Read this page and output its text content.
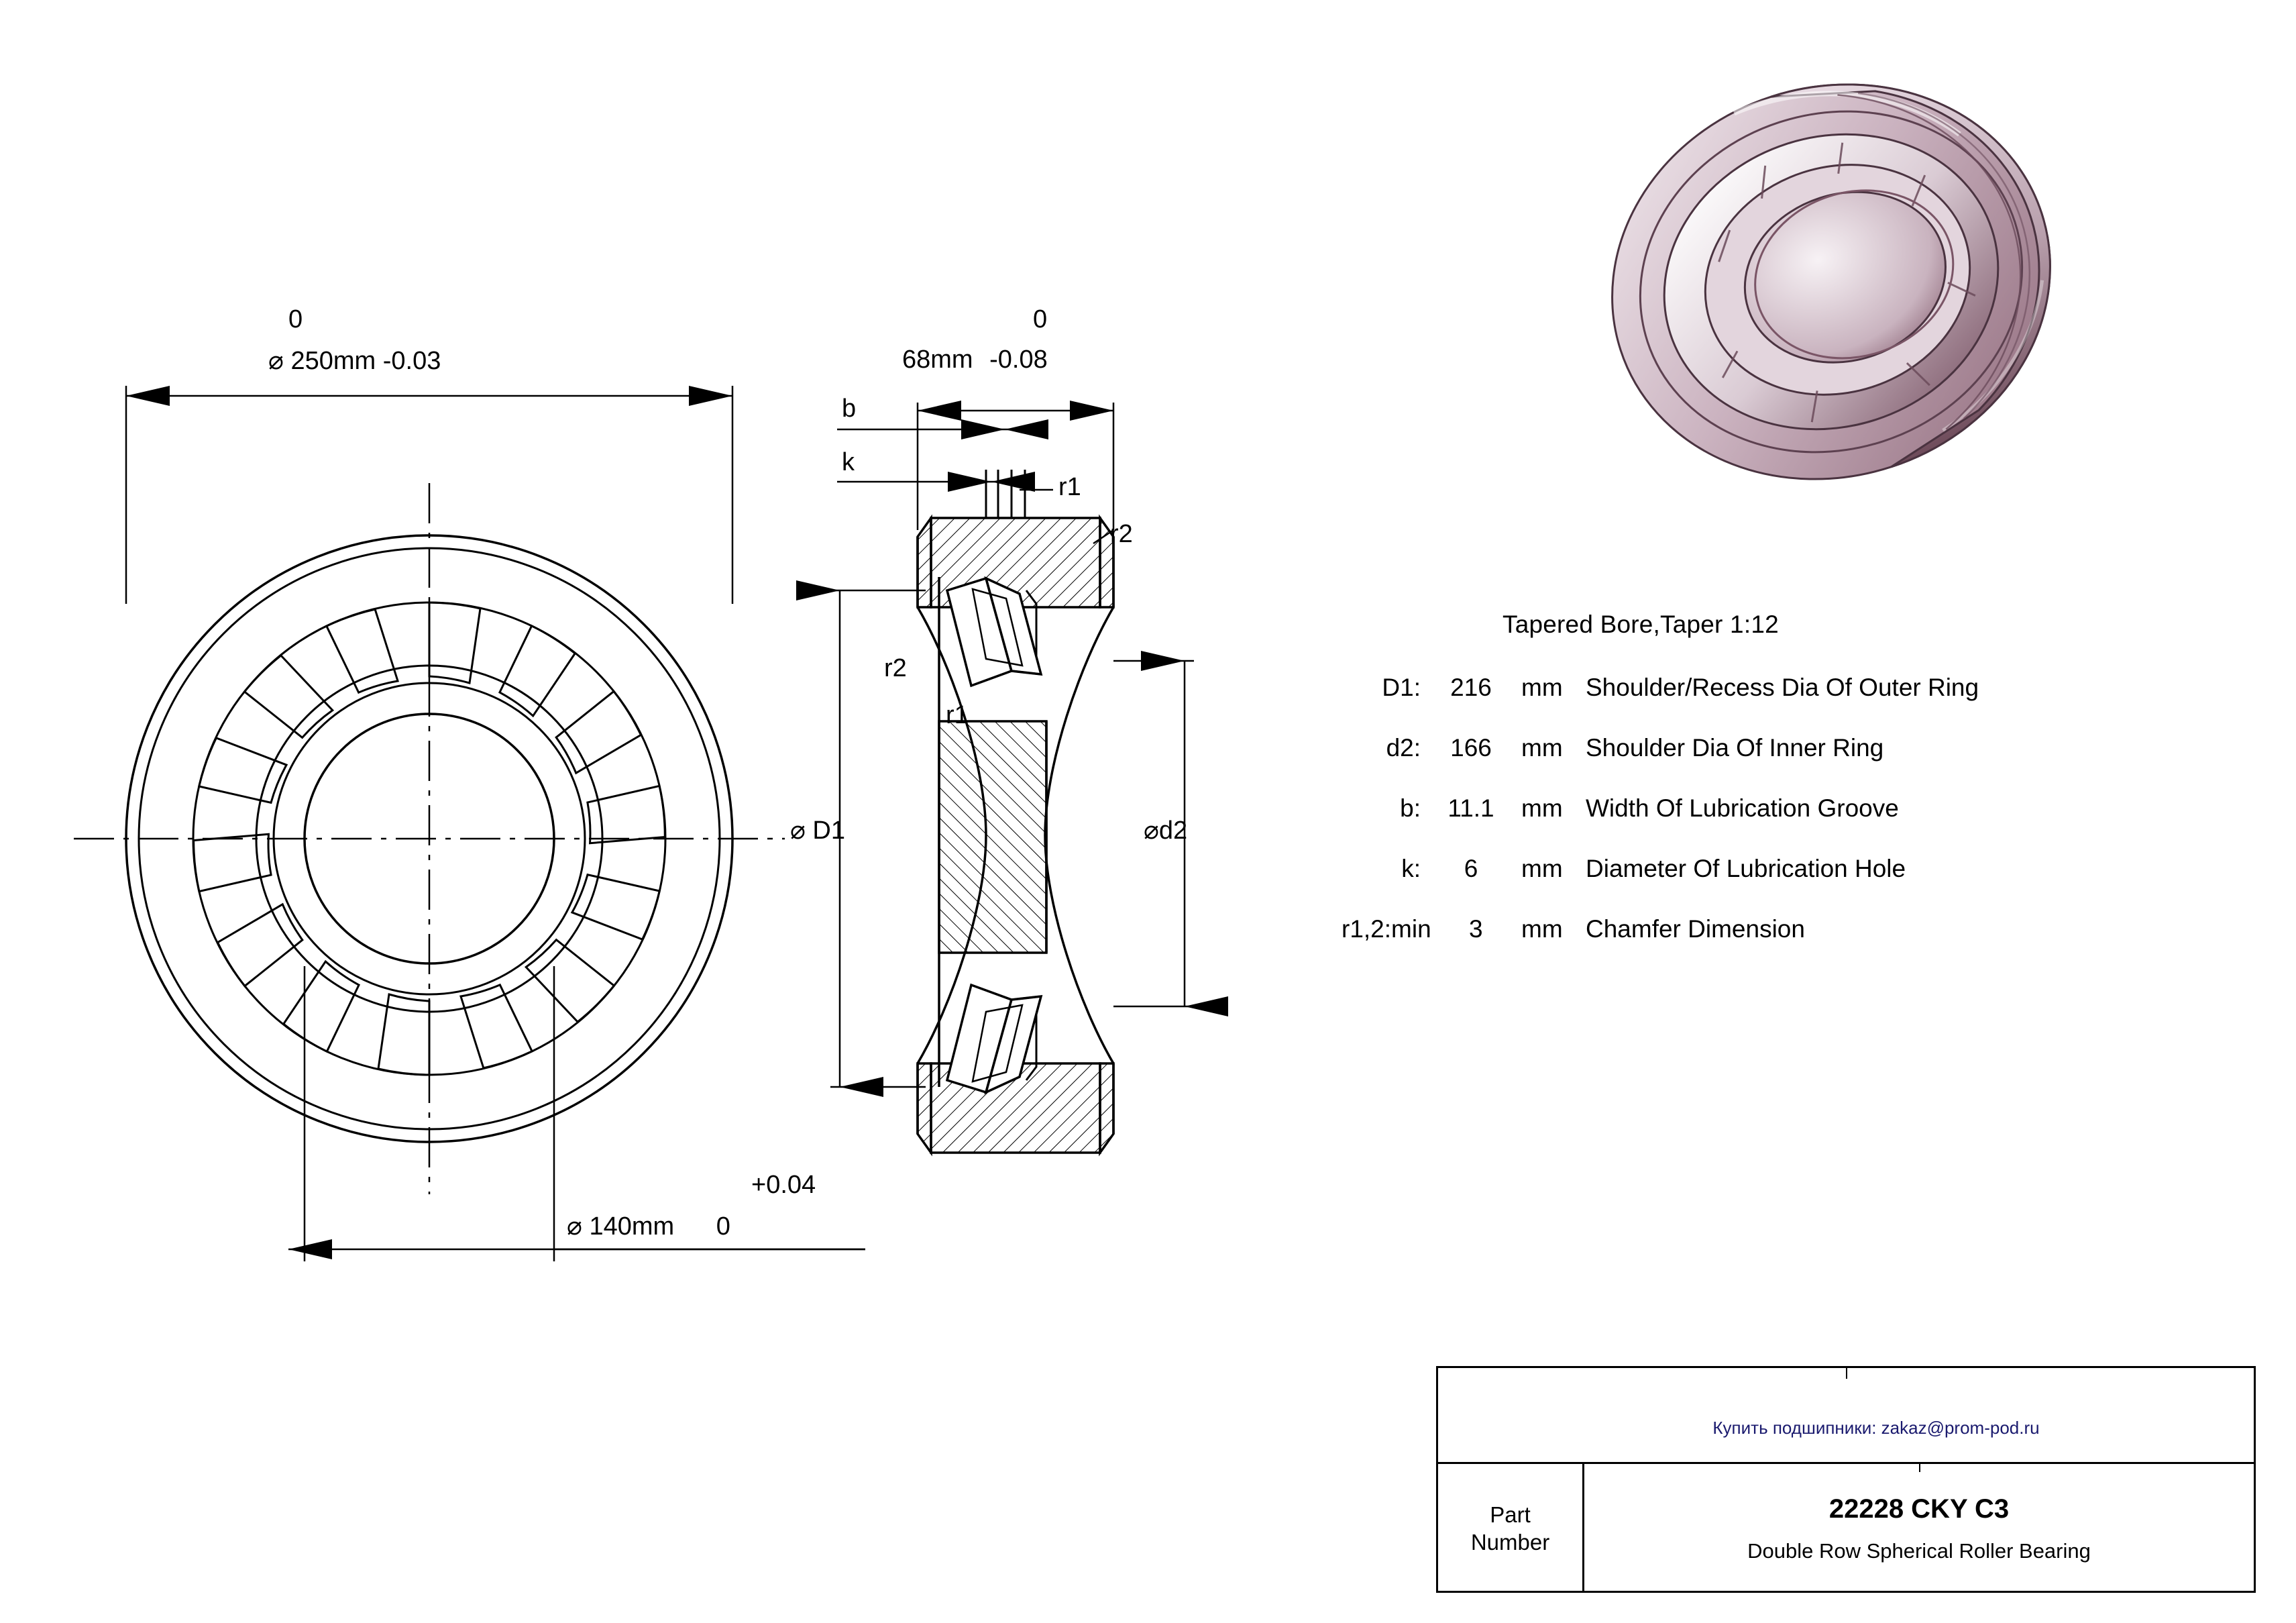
0
⌀ 250mm -0.03
+0.04
⌀ 140mm 0
0
68mm -0.08
b
k
r1
r2
r2
r1
⌀ D1	⌀d2
Tapered Bore,Taper 1:12
D1:	216	mm Shoulder/Recess Dia Of Outer Ring
d2:	166	mm Shoulder Dia Of Inner Ring
b:	11.1	mm Width Of Lubrication Groove
k:	6	mm Diameter Of Lubrication Hole
r1,2:min	3	mm Chamfer Dimension
Купить подшипники: zakaz@prom-pod.ru
Part
Number
22228 CKY C3
Double Row Spherical Roller Bearing
